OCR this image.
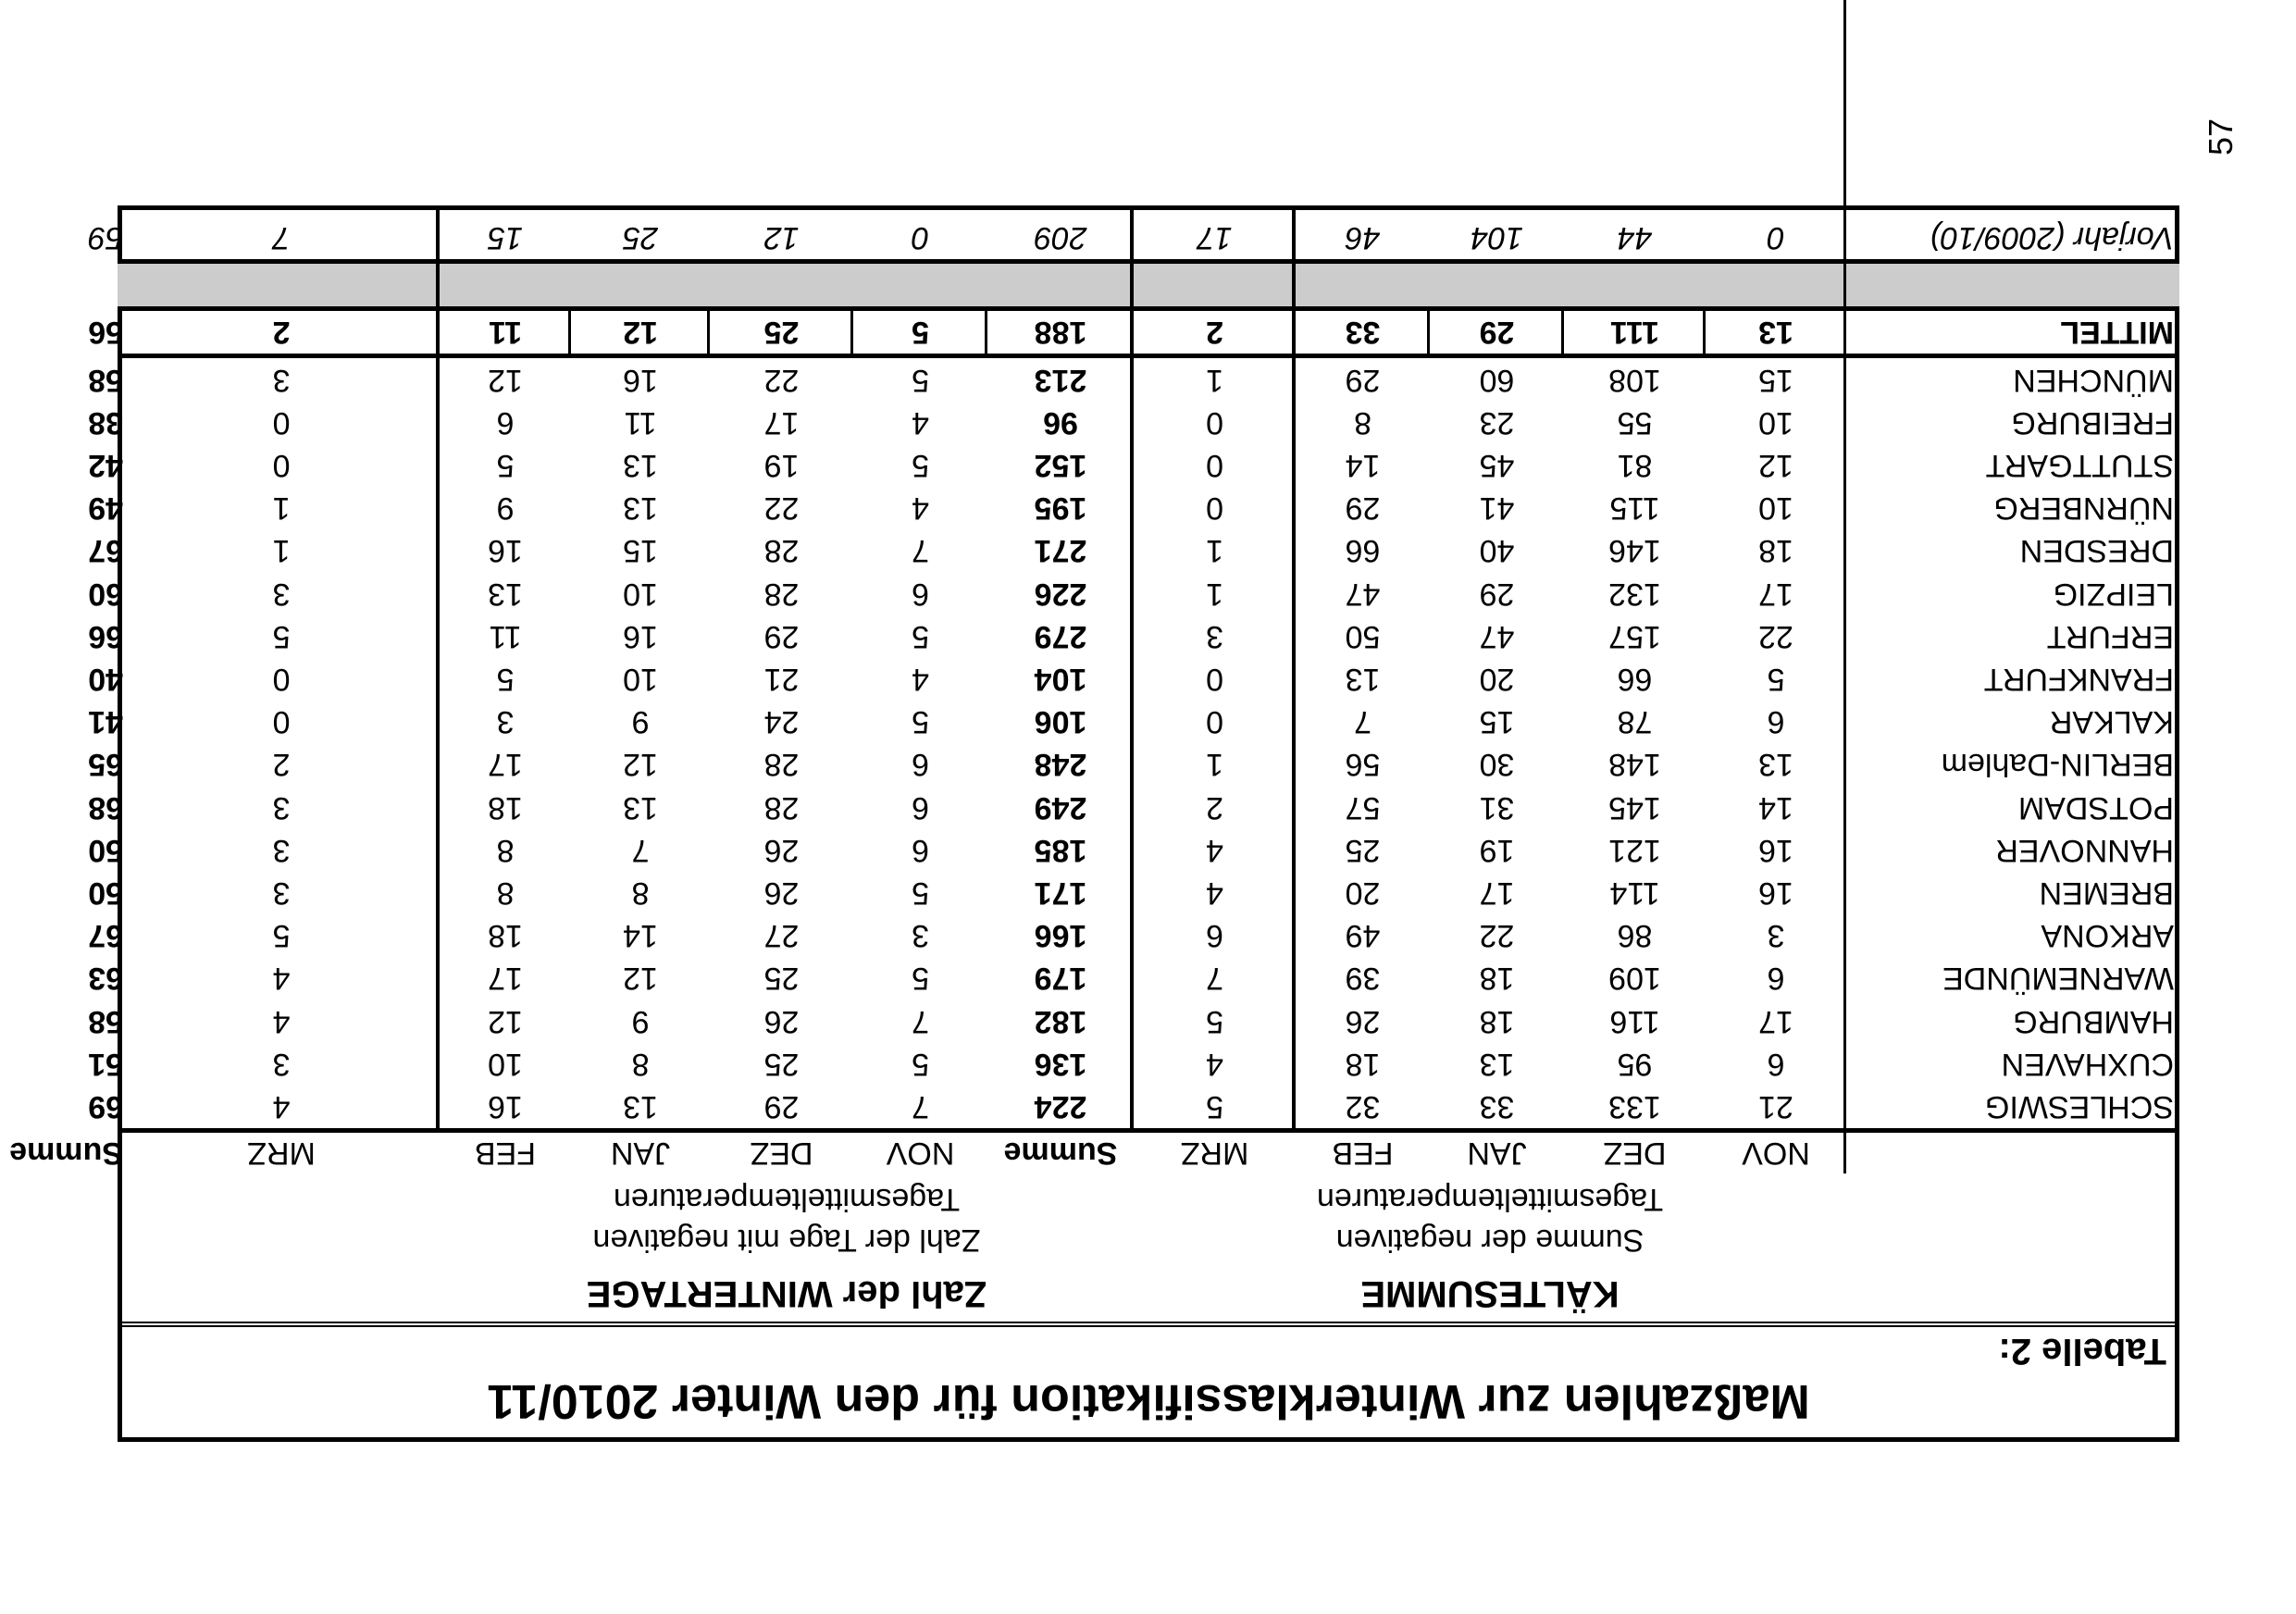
57
Tabelle 2:
Maßzahlen zur Winterklassifikation für den Winter 2010/11
KÄLTESUMME
Summe der negativen
Tagesmitteltemperaturen
Zahl der WINTERTAGE
Zahl der Tage mit negativen
Tagesmitteltemperaturen
NOV
DEZ
JAN
FEB
MRZ
Summe
NOV
DEZ
JAN
FEB
MRZ
Summe
SCHLESWIG
21
133
33
32
5
224
7
29
13
16
4
69
CUXHAVEN
6
95
13
18
4
136
5
25
8
10
3
51
HAMBURG
17
116
18
26
5
182
7
26
9
12
4
58
WARNEMÜNDE
6
109
18
39
7
179
5
25
12
17
4
63
ARKONA
3
86
22
49
6
166
3
27
14
18
5
67
BREMEN
16
114
17
20
4
171
5
26
8
8
3
50
HANNOVER
16
121
19
25
4
185
6
26
7
8
3
50
POTSDAM
14
145
31
57
2
249
6
28
13
18
3
68
BERLIN-Dahlem
13
148
30
56
1
248
6
28
12
17
2
65
KALKAR
6
78
15
7
0
106
5
24
9
3
0
41
FRANKFURT
5
66
20
13
0
104
4
21
10
5
0
40
ERFURT
22
157
47
50
3
279
5
29
16
11
5
66
LEIPZIG
17
132
29
47
1
226
6
28
10
13
3
60
DRESDEN
18
146
40
66
1
271
7
28
15
16
1
67
NÜRNBERG
10
115
41
29
0
195
4
22
13
9
1
49
STUTTGART
12
81
45
14
0
152
5
19
13
5
0
42
FREIBURG
10
55
23
8
0
96
4
17
11
6
0
38
MÜNCHEN
15
108
60
29
1
213
5
22
16
12
3
58
MITTEL
13
111
29
33
2
188
5
25
12
11
2
56
Vorjahr (2009/10)
0
44
104
46
17
209
0
12
25
15
7
59
